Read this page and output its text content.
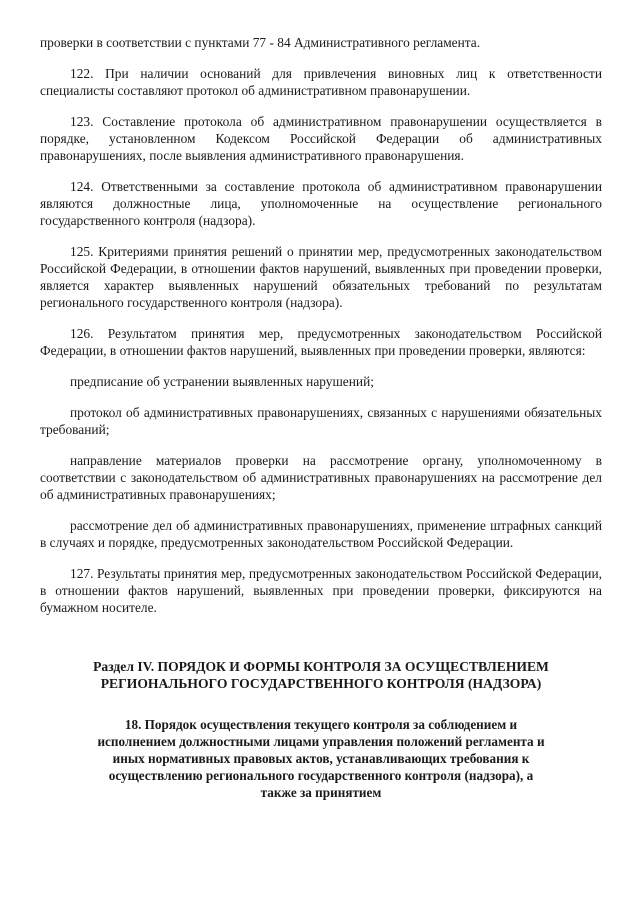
проверки в соответствии с пунктами 77 - 84 Административного регламента.

122. При наличии оснований для привлечения виновных лиц к ответственности специалисты составляют протокол об административном правонарушении.

123. Составление протокола об административном правонарушении осуществляется в порядке, установленном Кодексом Российской Федерации об административных правонарушениях, после выявления административного правонарушения.

124. Ответственными за составление протокола об административном правонарушении являются должностные лица, уполномоченные на осуществление регионального государственного контроля (надзора).

125. Критериями принятия решений о принятии мер, предусмотренных законодательством Российской Федерации, в отношении фактов нарушений, выявленных при проведении проверки, является характер выявленных нарушений обязательных требований по результатам регионального государственного контроля (надзора).

126. Результатом принятия мер, предусмотренных законодательством Российской Федерации, в отношении фактов нарушений, выявленных при проведении проверки, являются:

предписание об устранении выявленных нарушений;

протокол об административных правонарушениях, связанных с нарушениями обязательных требований;

направление материалов проверки на рассмотрение органу, уполномоченному в соответствии с законодательством об административных правонарушениях на рассмотрение дел об административных правонарушениях;

рассмотрение дел об административных правонарушениях, применение штрафных санкций в случаях и порядке, предусмотренных законодательством Российской Федерации.

127. Результаты принятия мер, предусмотренных законодательством Российской Федерации, в отношении фактов нарушений, выявленных при проведении проверки, фиксируются на бумажном носителе.

Раздел IV. ПОРЯДОК И ФОРМЫ КОНТРОЛЯ ЗА ОСУЩЕСТВЛЕНИЕМ РЕГИОНАЛЬНОГО ГОСУДАРСТВЕННОГО КОНТРОЛЯ (НАДЗОРА)
18. Порядок осуществления текущего контроля за соблюдением и исполнением должностными лицами управления положений регламента и иных нормативных правовых актов, устанавливающих требования к осуществлению регионального государственного контроля (надзора), а также за принятием
